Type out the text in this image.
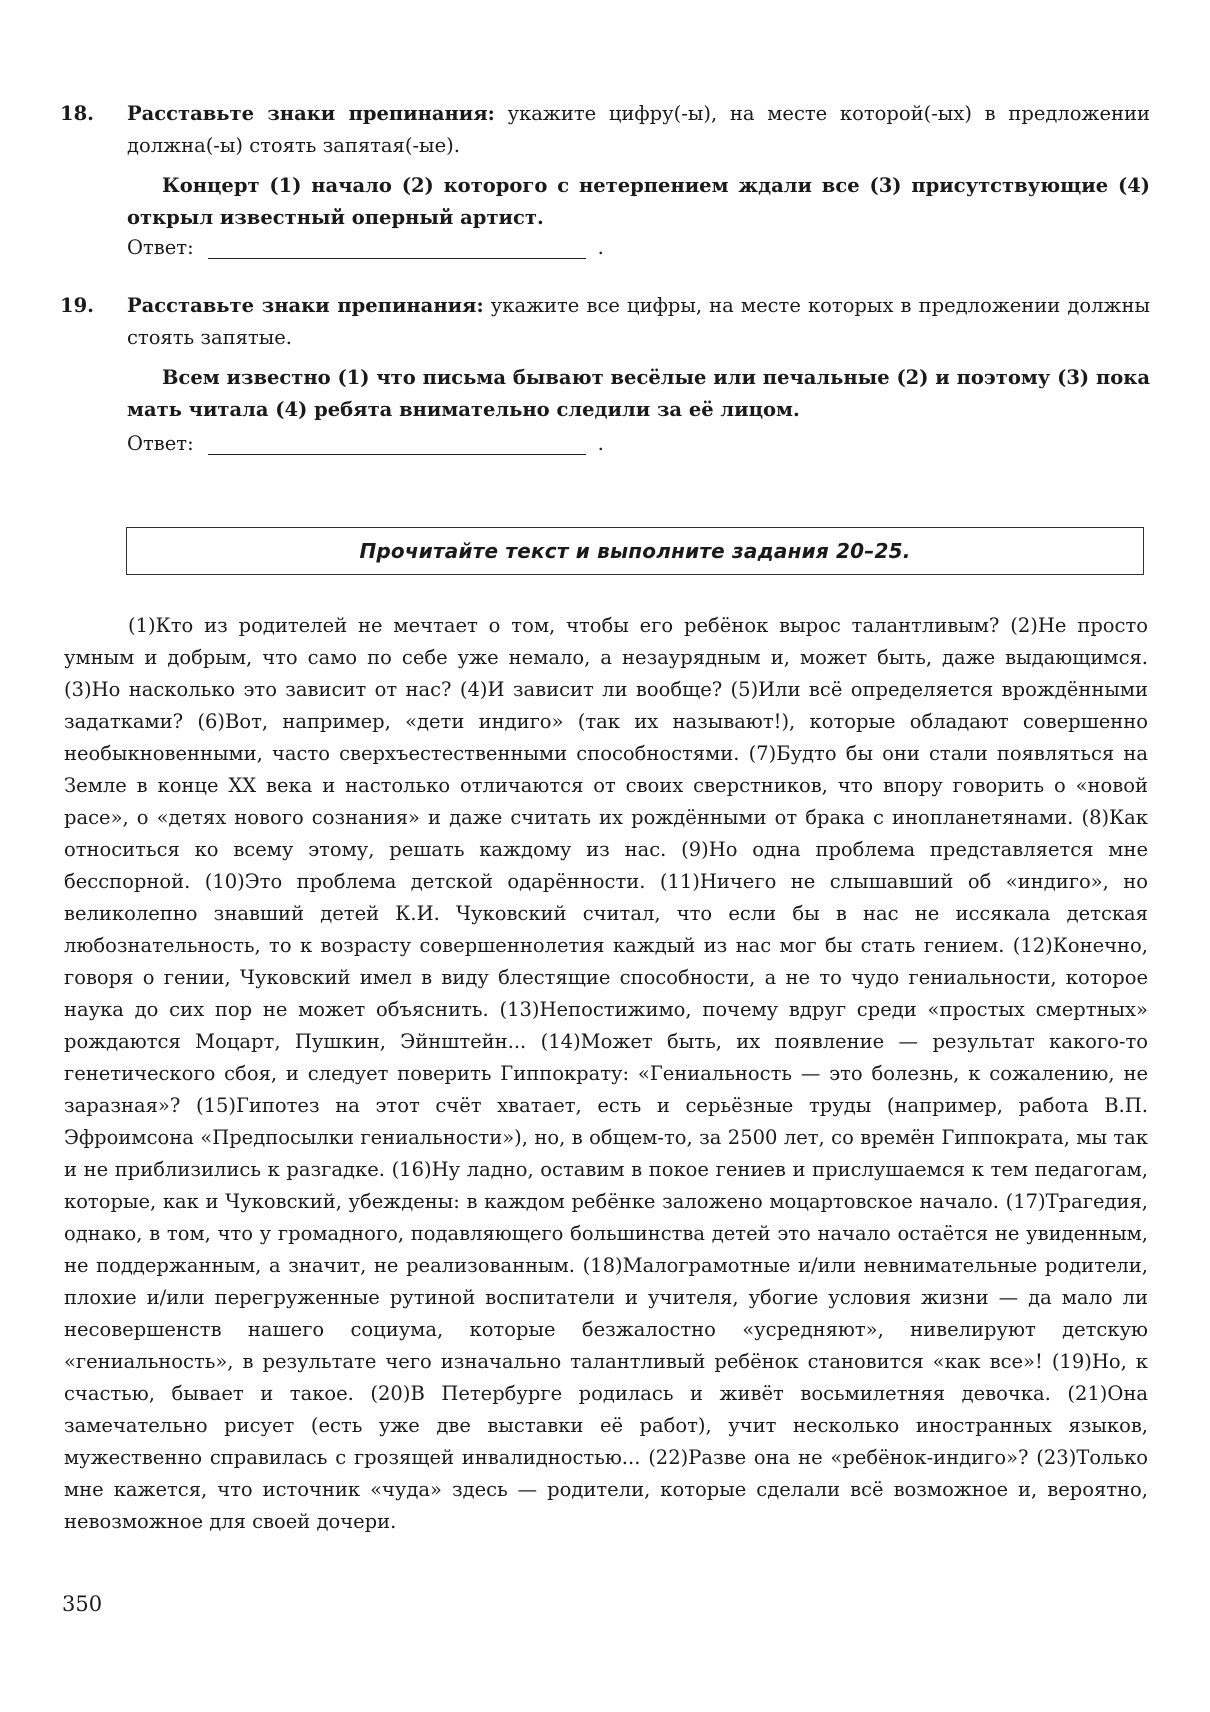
18. Расставьте знаки препинания: укажите цифру(-ы), на месте которой(-ых) в предложении должна(-ы) стоять запятая(-ые).
Концерт (1) начало (2) которого с нетерпением ждали все (3) присутствующие (4) открыл известный оперный артист.
Ответ:	.
19. Расставьте знаки препинания: укажите все цифры, на месте которых в предложении должны стоять запятые.
Всем известно (1) что письма бывают весёлые или печальные (2) и поэтому (3) пока мать читала (4) ребята внимательно следили за её лицом.
Ответ:	.
Прочитайте текст и выполните задания 20–25.
(1)Кто из родителей не мечтает о том, чтобы его ребёнок вырос талантливым? (2)Не просто умным и добрым, что само по себе уже немало, а незаурядным и, может быть, даже выдающимся. (3)Но насколько это зависит от нас? (4)И зависит ли вообще? (5)Или всё определяется врождёнными задатками? (6)Вот, например, «дети индиго» (так их называют!), которые обладают совершенно необыкновенными, часто сверхъестественными способностями. (7)Будто бы они стали появляться на Земле в конце XX века и настолько отличаются от своих сверстников, что впору говорить о «новой расе», о «детях нового сознания» и даже считать их рождёнными от брака с инопланетянами. (8)Как относиться ко всему этому, решать каждому из нас. (9)Но одна проблема представляется мне бесспорной. (10)Это проблема детской одарённости. (11)Ничего не слышавший об «индиго», но великолепно знавший детей К.И. Чуковский считал, что если бы в нас не иссякала детская любознательность, то к возрасту совершеннолетия каждый из нас мог бы стать гением. (12)Конечно, говоря о гении, Чуковский имел в виду блестящие способности, а не то чудо гениальности, которое наука до сих пор не может объяснить. (13)Непостижимо, почему вдруг среди «простых смертных» рождаются Моцарт, Пушкин, Эйнштейн... (14)Может быть, их появление — результат какого-то генетического сбоя, и следует поверить Гиппократу: «Гениальность — это болезнь, к сожалению, не заразная»? (15)Гипотез на этот счёт хватает, есть и серьёзные труды (например, работа В.П. Эфроимсона «Предпосылки гениальности»), но, в общем-то, за 2500 лет, со времён Гиппократа, мы так и не приблизились к разгадке. (16)Ну ладно, оставим в покое гениев и прислушаемся к тем педагогам, которые, как и Чуковский, убеждены: в каждом ребёнке заложено моцартовское начало. (17)Трагедия, однако, в том, что у громадного, подавляющего большинства детей это начало остаётся не увиденным, не поддержанным, а значит, не реализованным. (18)Малограмотные и/или невнимательные родители, плохие и/или перегруженные рутиной воспитатели и учителя, убогие условия жизни — да мало ли несовершенств нашего социума, которые безжалостно «усредняют», нивелируют детскую «гениальность», в результате чего изначально талантливый ребёнок становится «как все»! (19)Но, к счастью, бывает и такое. (20)В Петербурге родилась и живёт восьмилетняя девочка. (21)Она замечательно рисует (есть уже две выставки её работ), учит несколько иностранных языков, мужественно справилась с грозящей инвалидностью... (22)Разве она не «ребёнок-индиго»? (23)Только мне кажется, что источник «чуда» здесь — родители, которые сделали всё возможное и, вероятно, невозможное для своей дочери.
350
